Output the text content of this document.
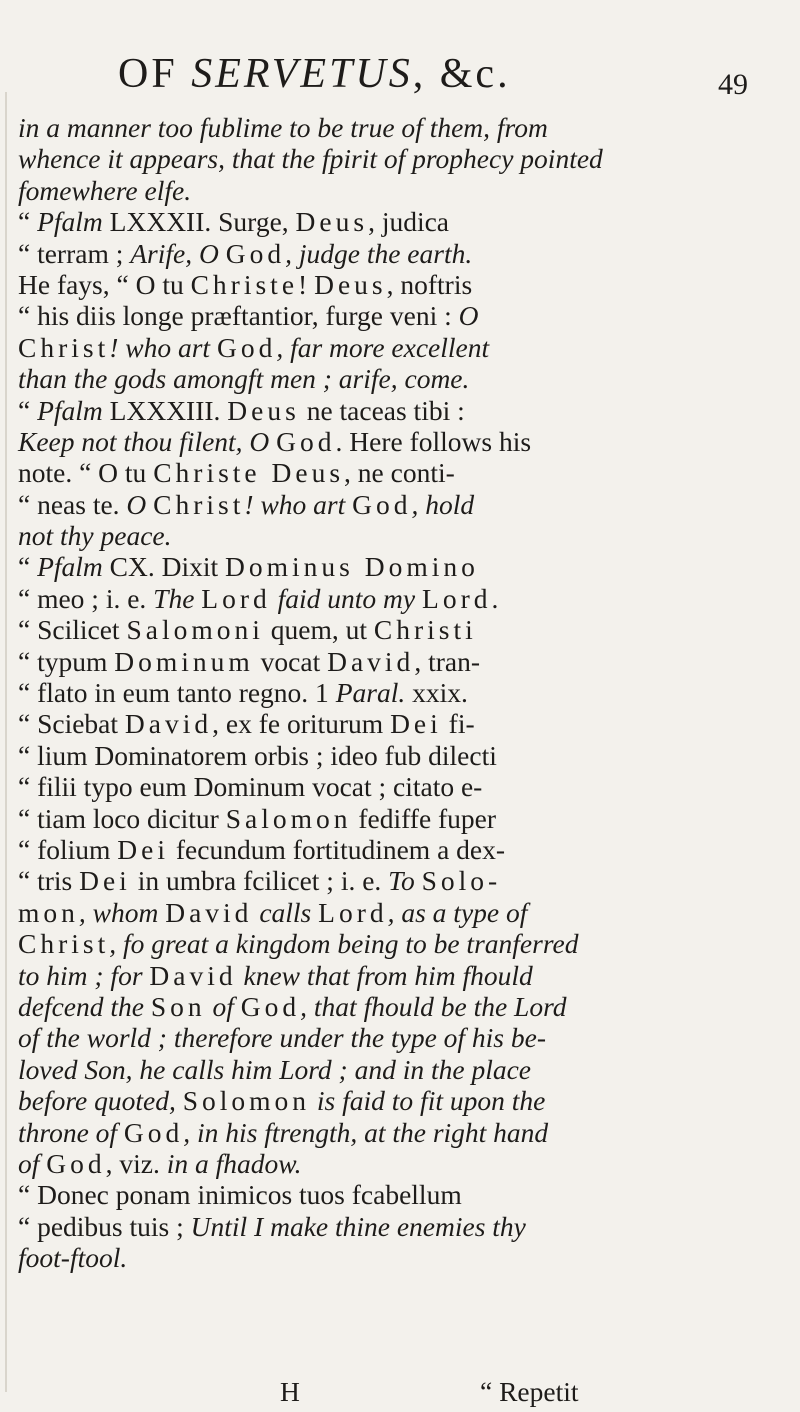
OF SERVETUS, &c.	49
in a manner too fublime to be true of them, from
whence it appears, that the fpirit of prophecy pointed
fomewhere elfe.
“ Pfalm LXXXII. Surge, Deus, judica
“ terram ; Arife, O God, judge the earth.
He fays, “ O tu Christe! Deus, noftris
“ his diis longe præftantior, furge veni : O
Christ! who art God, far more excellent
than the gods amongft men ; arife, come.
“ Pfalm LXXXIII. Deus ne taceas tibi :
Keep not thou filent, O God. Here follows his
note. “ O tu Christe Deus, ne conti-
“ neas te. O Christ! who art God, hold
not thy peace.
“ Pfalm CX. Dixit Dominus Domino
“ meo ; i. e. The Lord faid unto my Lord.
“ Scilicet Salomoni quem, ut Christi
“ typum Dominum vocat David, tran-
“ flato in eum tanto regno. 1 Paral. xxix.
“ Sciebat David, ex fe oriturum Dei fi-
“ lium Dominatorem orbis ; ideo fub dilecti
“ filii typo eum Dominum vocat ; citato e-
“ tiam loco dicitur Salomon fediffe fuper
“ folium Dei fecundum fortitudinem a dex-
“ tris Dei in umbra fcilicet ; i. e. To Solo-
mon, whom David calls Lord, as a type of
Christ, fo great a kingdom being to be tranferred
to him ; for David knew that from him fhould
defcend the Son of God, that fhould be the Lord
of the world ; therefore under the type of his be-
loved Son, he calls him Lord ; and in the place
before quoted, Solomon is faid to fit upon the
throne of God, in his ftrength, at the right hand
of God, viz. in a fhadow.
“ Donec ponam inimicos tuos fcabellum
“ pedibus tuis ; Until I make thine enemies thy
foot-ftool.
H	“ Repetit
